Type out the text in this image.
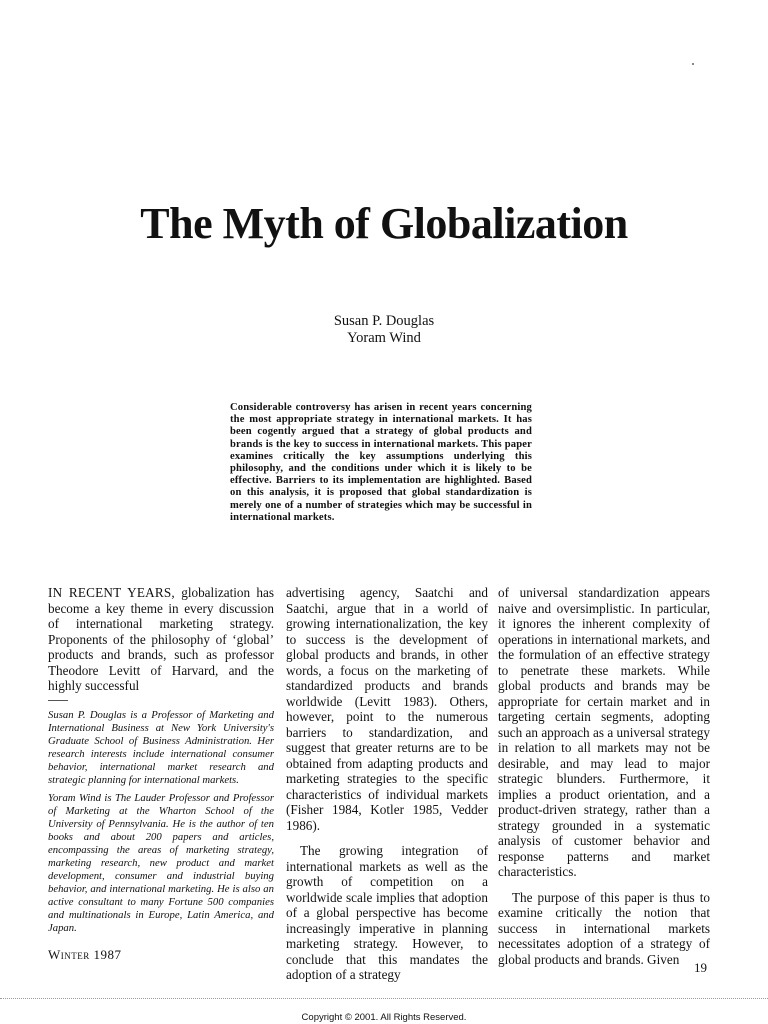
The Myth of Globalization
Susan P. Douglas
Yoram Wind
Considerable controversy has arisen in recent years concerning the most appropriate strategy in international markets. It has been cogently argued that a strategy of global products and brands is the key to success in international markets. This paper examines critically the key assumptions underlying this philosophy, and the conditions under which it is likely to be effective. Barriers to its implementation are highlighted. Based on this analysis, it is proposed that global standardization is merely one of a number of strategies which may be successful in international markets.

IN RECENT YEARS, globalization has become a key theme in every discussion of international marketing strategy. Proponents of the philosophy of ‘global’ products and brands, such as professor Theodore Levitt of Harvard, and the highly successful

Susan P. Douglas is a Professor of Marketing and International Business at New York University's Graduate School of Business Administration. Her research interests include international consumer behavior, international market research and strategic planning for international markets.

Yoram Wind is The Lauder Professor and Professor of Marketing at the Wharton School of the University of Pennsylvania. He is the author of ten books and about 200 papers and articles, encompassing the areas of marketing strategy, marketing research, new product and market development, consumer and industrial buying behavior, and international marketing. He is also an active consultant to many Fortune 500 companies and multinationals in Europe, Latin America, and Japan.

advertising agency, Saatchi and Saatchi, argue that in a world of growing internationalization, the key to success is the development of global products and brands, in other words, a focus on the marketing of standardized products and brands worldwide (Levitt 1983). Others, however, point to the numerous barriers to standardization, and suggest that greater returns are to be obtained from adapting products and marketing strategies to the specific characteristics of individual markets (Fisher 1984, Kotler 1985, Vedder 1986).

The growing integration of international markets as well as the growth of competition on a worldwide scale implies that adoption of a global perspective has become increasingly imperative in planning marketing strategy. However, to conclude that this mandates the adoption of a strategy

of universal standardization appears naive and oversimplistic. In particular, it ignores the inherent complexity of operations in international markets, and the formulation of an effective strategy to penetrate these markets. While global products and brands may be appropriate for certain market and in targeting certain segments, adopting such an approach as a universal strategy in relation to all markets may not be desirable, and may lead to major strategic blunders. Furthermore, it implies a product orientation, and a product-driven strategy, rather than a strategy grounded in a systematic analysis of customer behavior and response patterns and market characteristics.

The purpose of this paper is thus to examine critically the notion that success in international markets necessitates adoption of a strategy of global products and brands. Given

Winter 1987
19
Copyright © 2001. All Rights Reserved.
